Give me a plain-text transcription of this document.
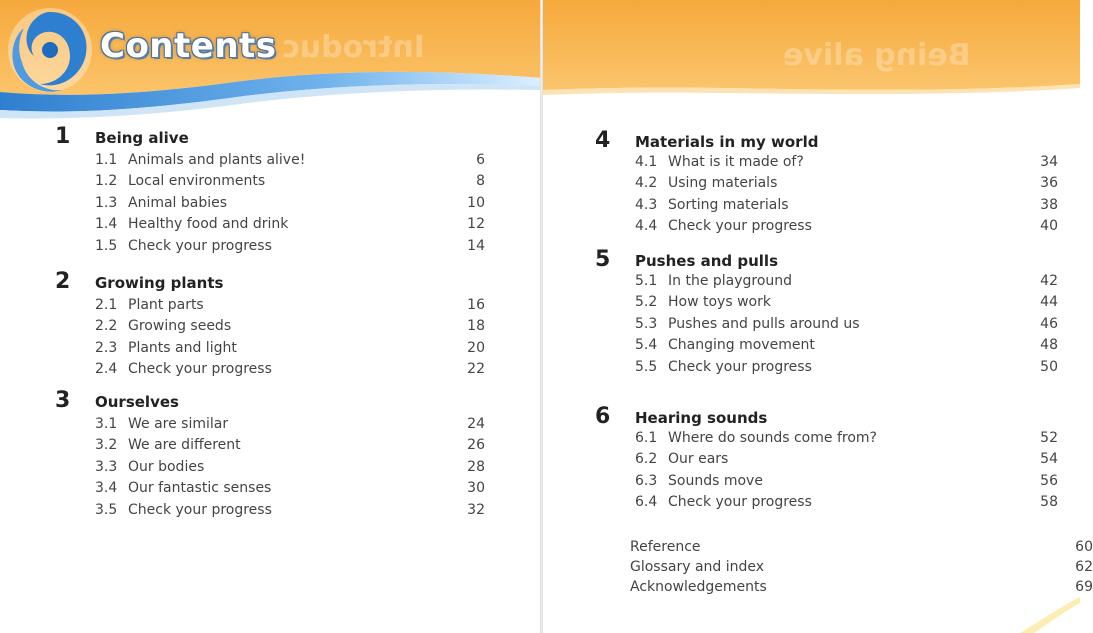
Contents Introduc
1 Being alive
1.1 Animals and plants alive!	6
1.2 Local environments	8
1.3 Animal babies	10
1.4 Healthy food and drink	12
1.5 Check your progress	14
2 Growing plants
2.1 Plant parts	16
2.2 Growing seeds	18
2.3 Plants and light	20
2.4 Check your progress	22
3 Ourselves
3.1 We are similar	24
3.2 We are different	26
3.3 Our bodies	28
3.4 Our fantastic senses	30
3.5 Check your progress	32
Being alive
4 Materials in my world
4.1 What is it made of?	34
4.2 Using materials	36
4.3 Sorting materials	38
4.4 Check your progress	40
5 Pushes and pulls
5.1 In the playground	42
5.2 How toys work	44
5.3 Pushes and pulls around us	46
5.4 Changing movement	48
5.5 Check your progress	50
6 Hearing sounds
6.1 Where do sounds come from?	52
6.2 Our ears	54
6.3 Sounds move	56
6.4 Check your progress	58
Reference	60
Glossary and index	62
Acknowledgements	69
